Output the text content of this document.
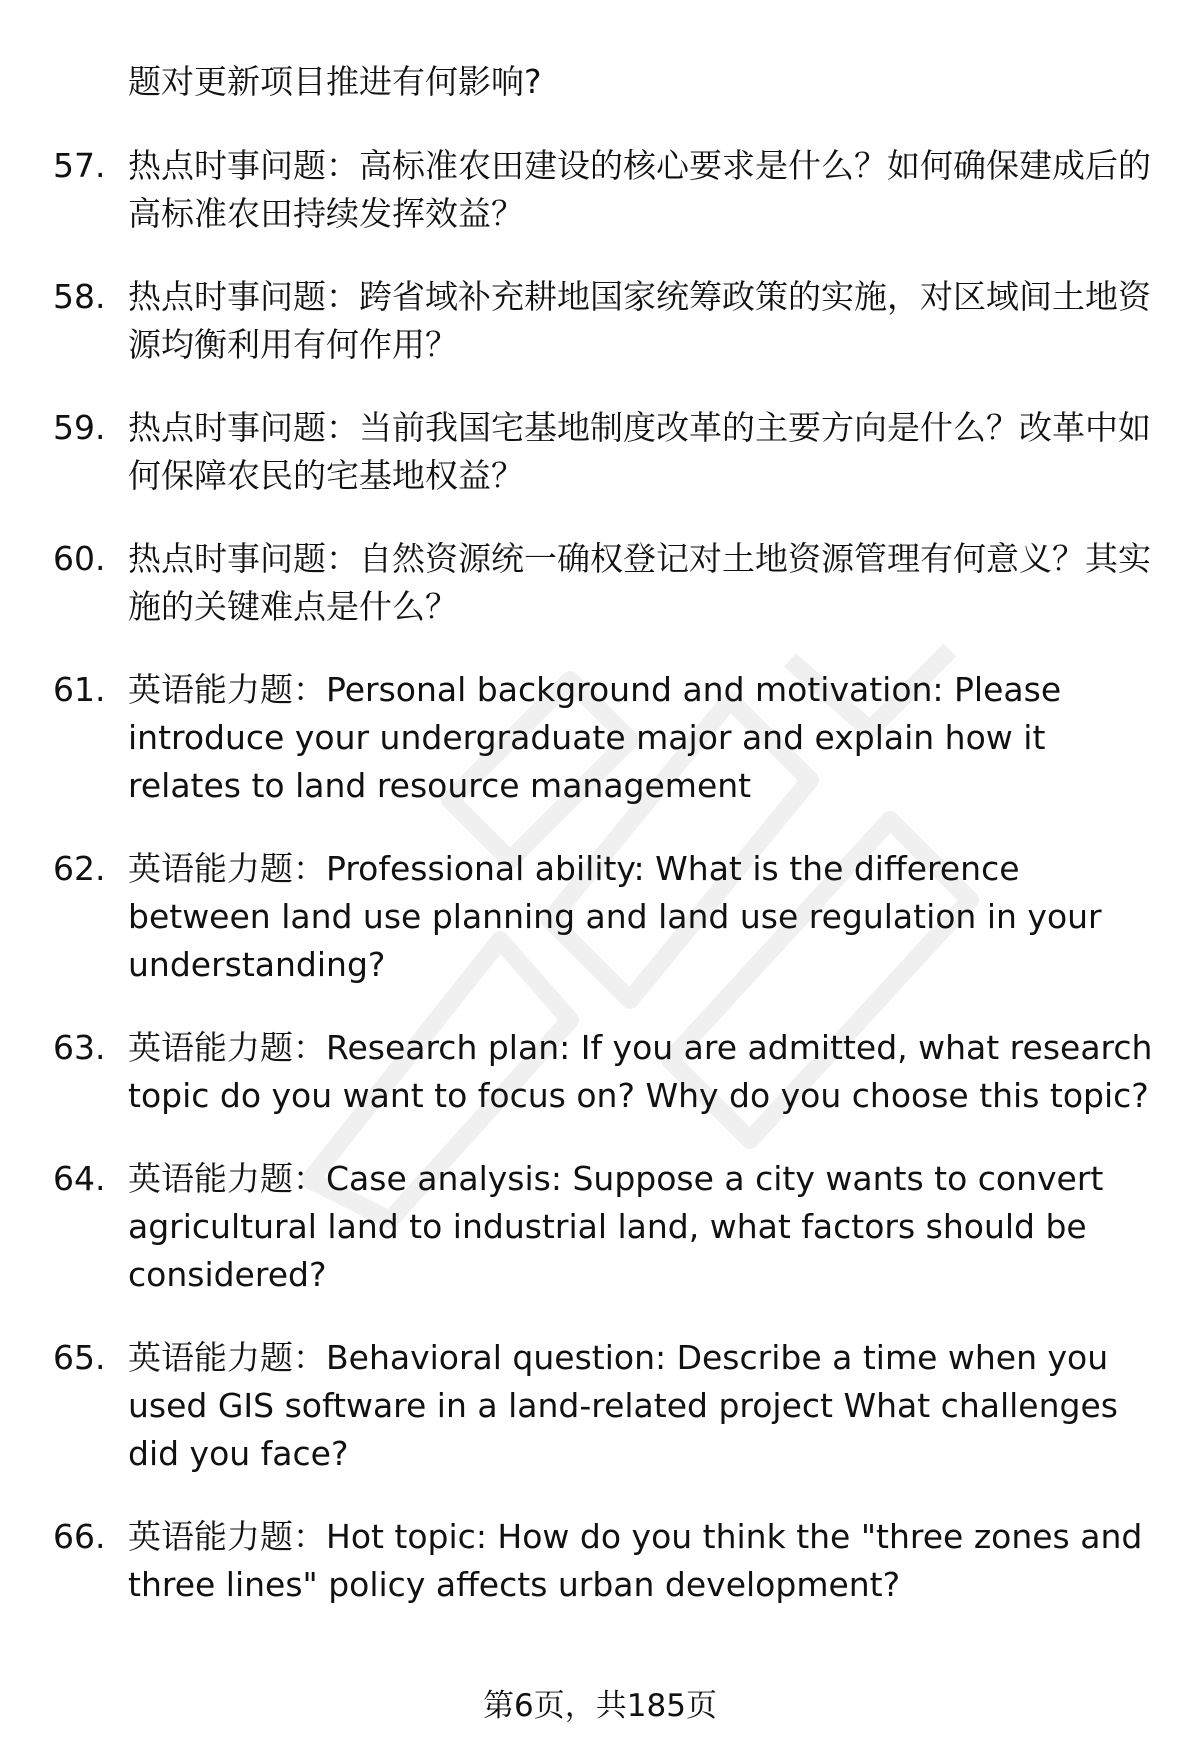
题对更新项目推进有何影响?
57. 热点时事问题：高标准农田建设的核心要求是什么？如何确保建成后的高标准农田持续发挥效益？
58. 热点时事问题：跨省域补充耕地国家统筹政策的实施，对区域间土地资源均衡利用有何作用？
59. 热点时事问题：当前我国宅基地制度改革的主要方向是什么？改革中如何保障农民的宅基地权益？
60. 热点时事问题：自然资源统一确权登记对土地资源管理有何意义？其实施的关键难点是什么？
61. 英语能力题：Personal background and motivation: Please introduce your undergraduate major and explain how it relates to land resource management
62. 英语能力题：Professional ability: What is the difference between land use planning and land use regulation in your understanding?
63. 英语能力题：Research plan: If you are admitted, what research topic do you want to focus on? Why do you choose this topic?
64. 英语能力题：Case analysis: Suppose a city wants to convert agricultural land to industrial land, what factors should be considered?
65. 英语能力题：Behavioral question: Describe a time when you used GIS software in a land-related project What challenges did you face?
66. 英语能力题：Hot topic: How do you think the "three zones and three lines" policy affects urban development?
第6页，共185页
